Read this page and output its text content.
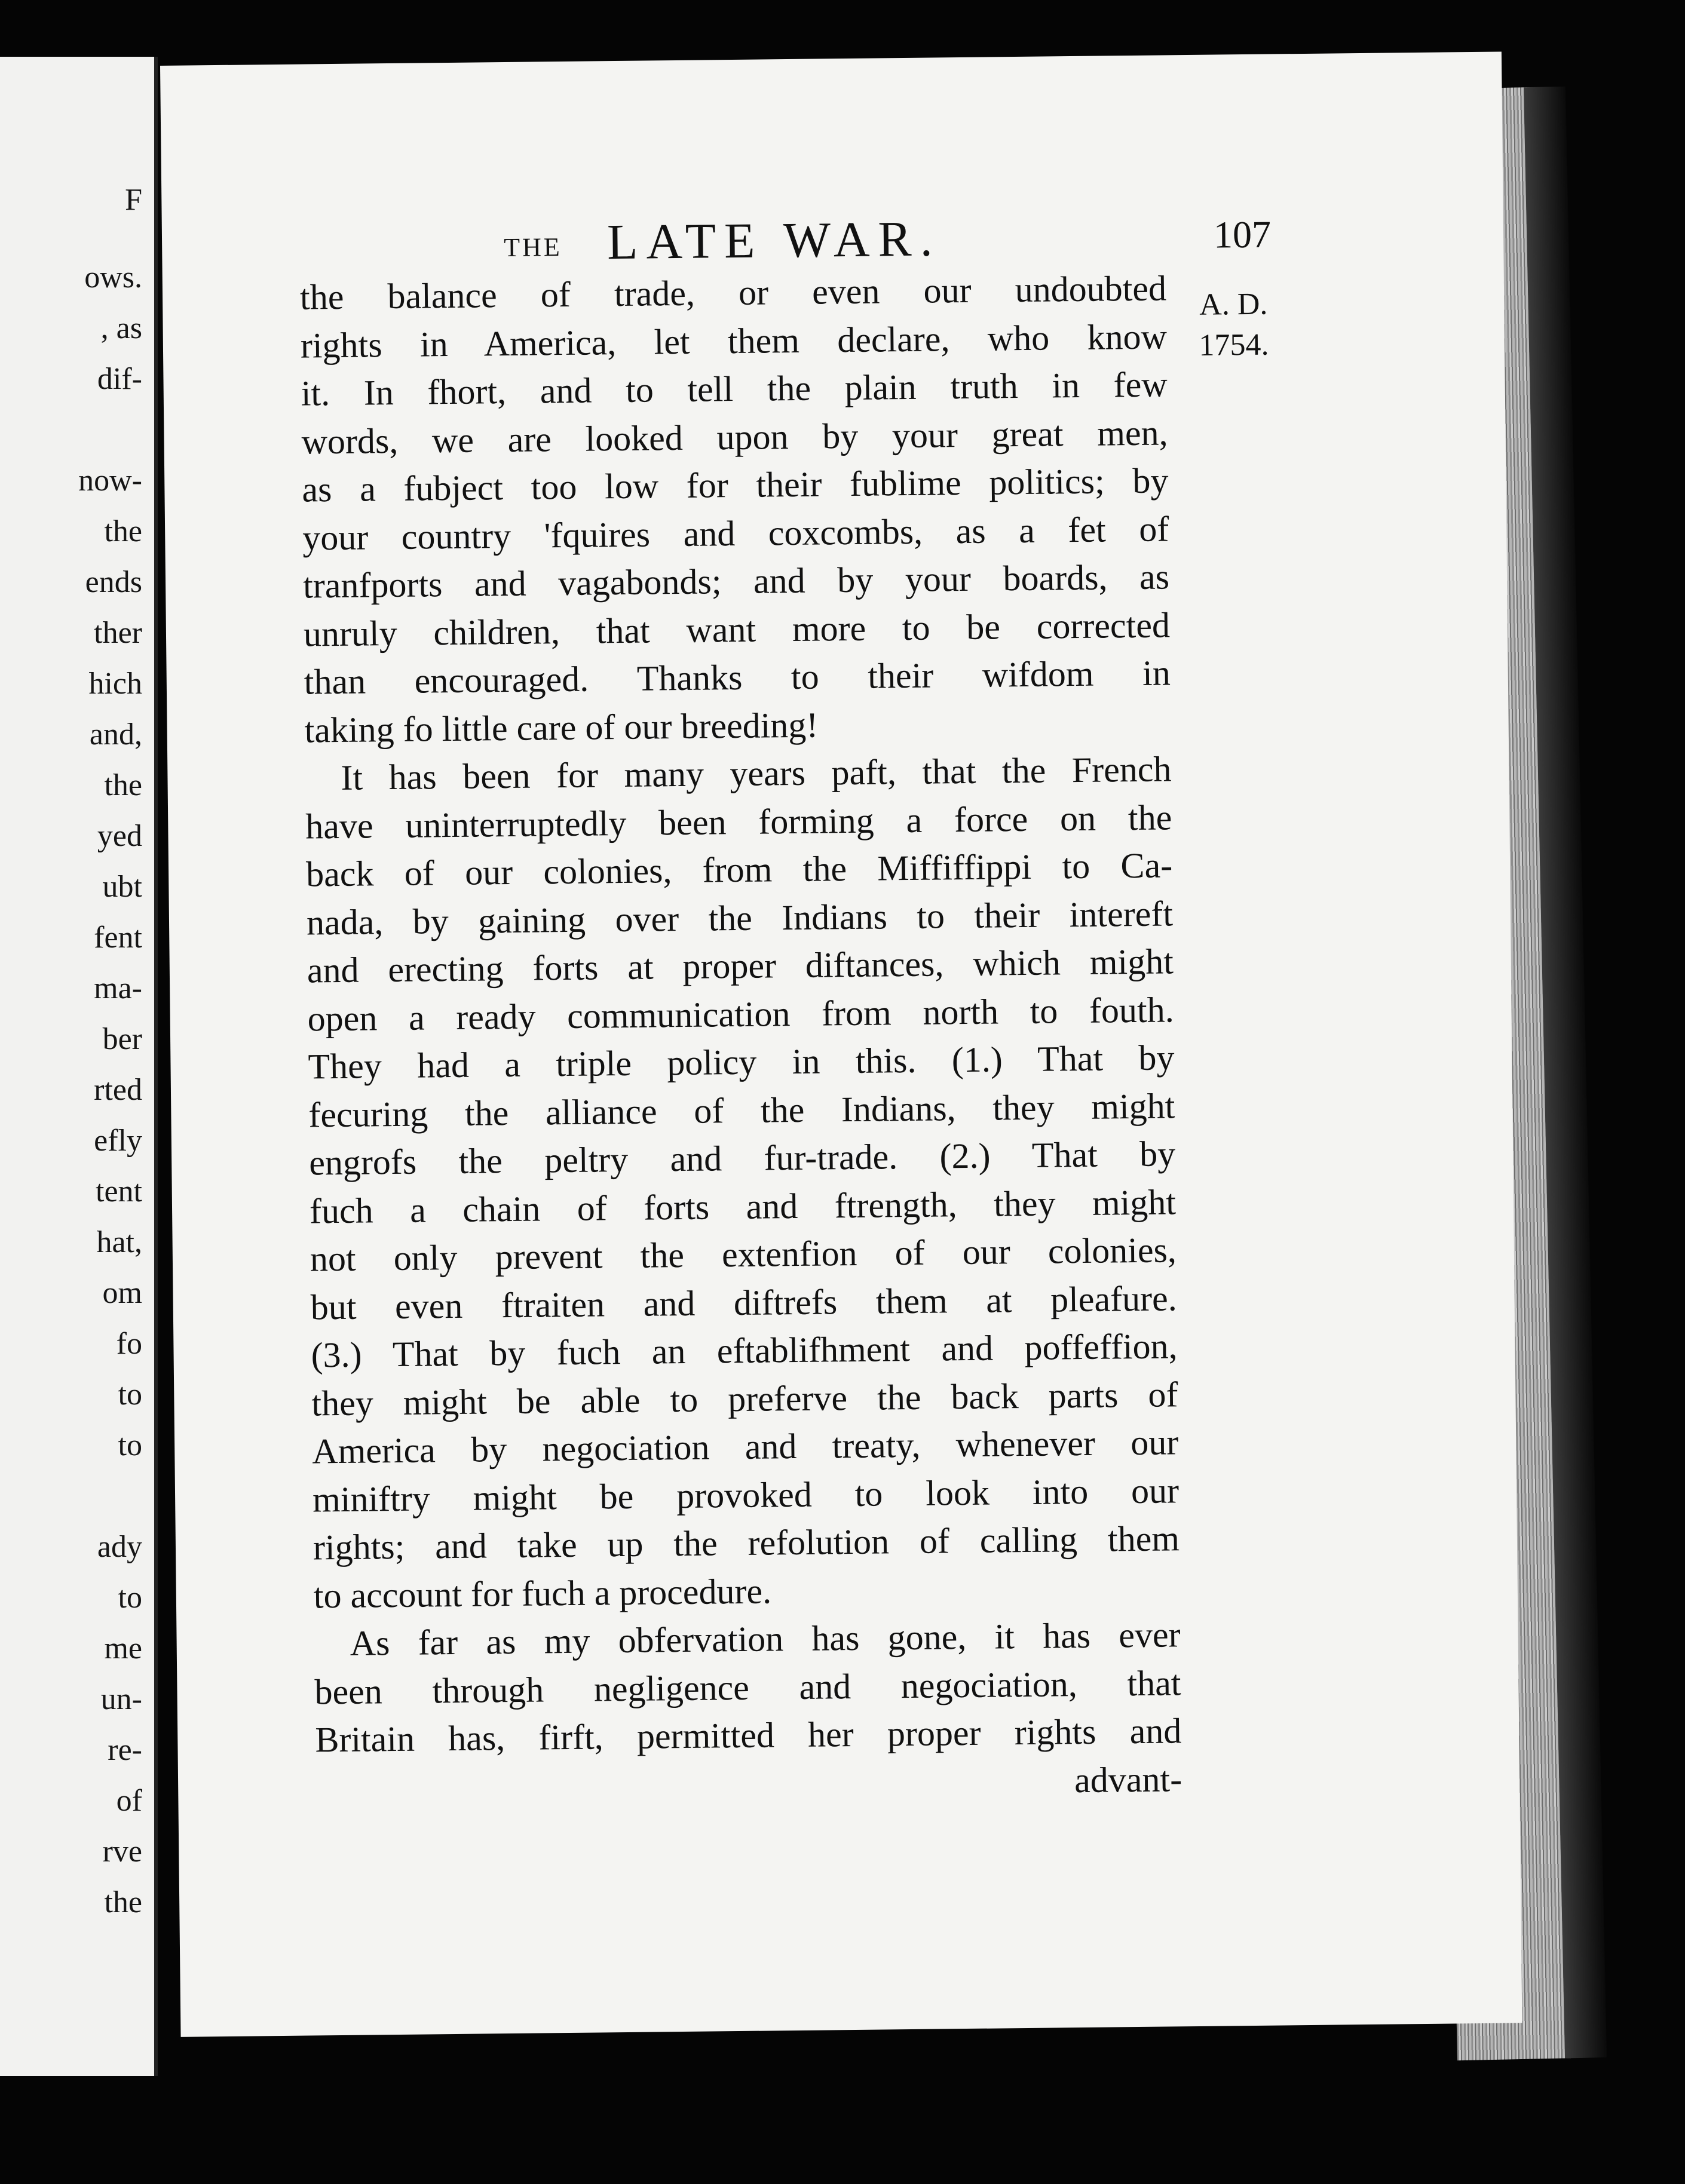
F
ows.
, as
dif-
now-
the
ends
ther
hich
and,
the
yed
ubt
fent
ma-
ber
rted
efly
tent
hat,
om
fo
to
to
ady
to
me
un-
re-
of
rve
the
THE LATE WAR.	107
A. D.
1754.
the balance of trade, or even our undoubted
rights in America, let them declare, who know
it. In fhort, and to tell the plain truth in few
words, we are looked upon by your great men,
as a fubject too low for their fublime politics; by
your country 'fquires and coxcombs, as a fet of
tranfports and vagabonds; and by your boards, as
unruly children, that want more to be corrected
than encouraged. Thanks to their wifdom in
taking fo little care of our breeding!
It has been for many years paft, that the French
have uninterruptedly been forming a force on the
back of our colonies, from the Miffiffippi to Ca-
nada, by gaining over the Indians to their intereft
and erecting forts at proper diftances, which might
open a ready communication from north to fouth.
They had a triple policy in this. (1.) That by
fecuring the alliance of the Indians, they might
engrofs the peltry and fur-trade. (2.) That by
fuch a chain of forts and ftrength, they might
not only prevent the extenfion of our colonies,
but even ftraiten and diftrefs them at pleafure.
(3.) That by fuch an eftablifhment and poffeffion,
they might be able to preferve the back parts of
America by negociation and treaty, whenever our
miniftry might be provoked to look into our
rights; and take up the refolution of calling them
to account for fuch a procedure.
As far as my obfervation has gone, it has ever
been through negligence and negociation, that
Britain has, firft, permitted her proper rights and
advant-
